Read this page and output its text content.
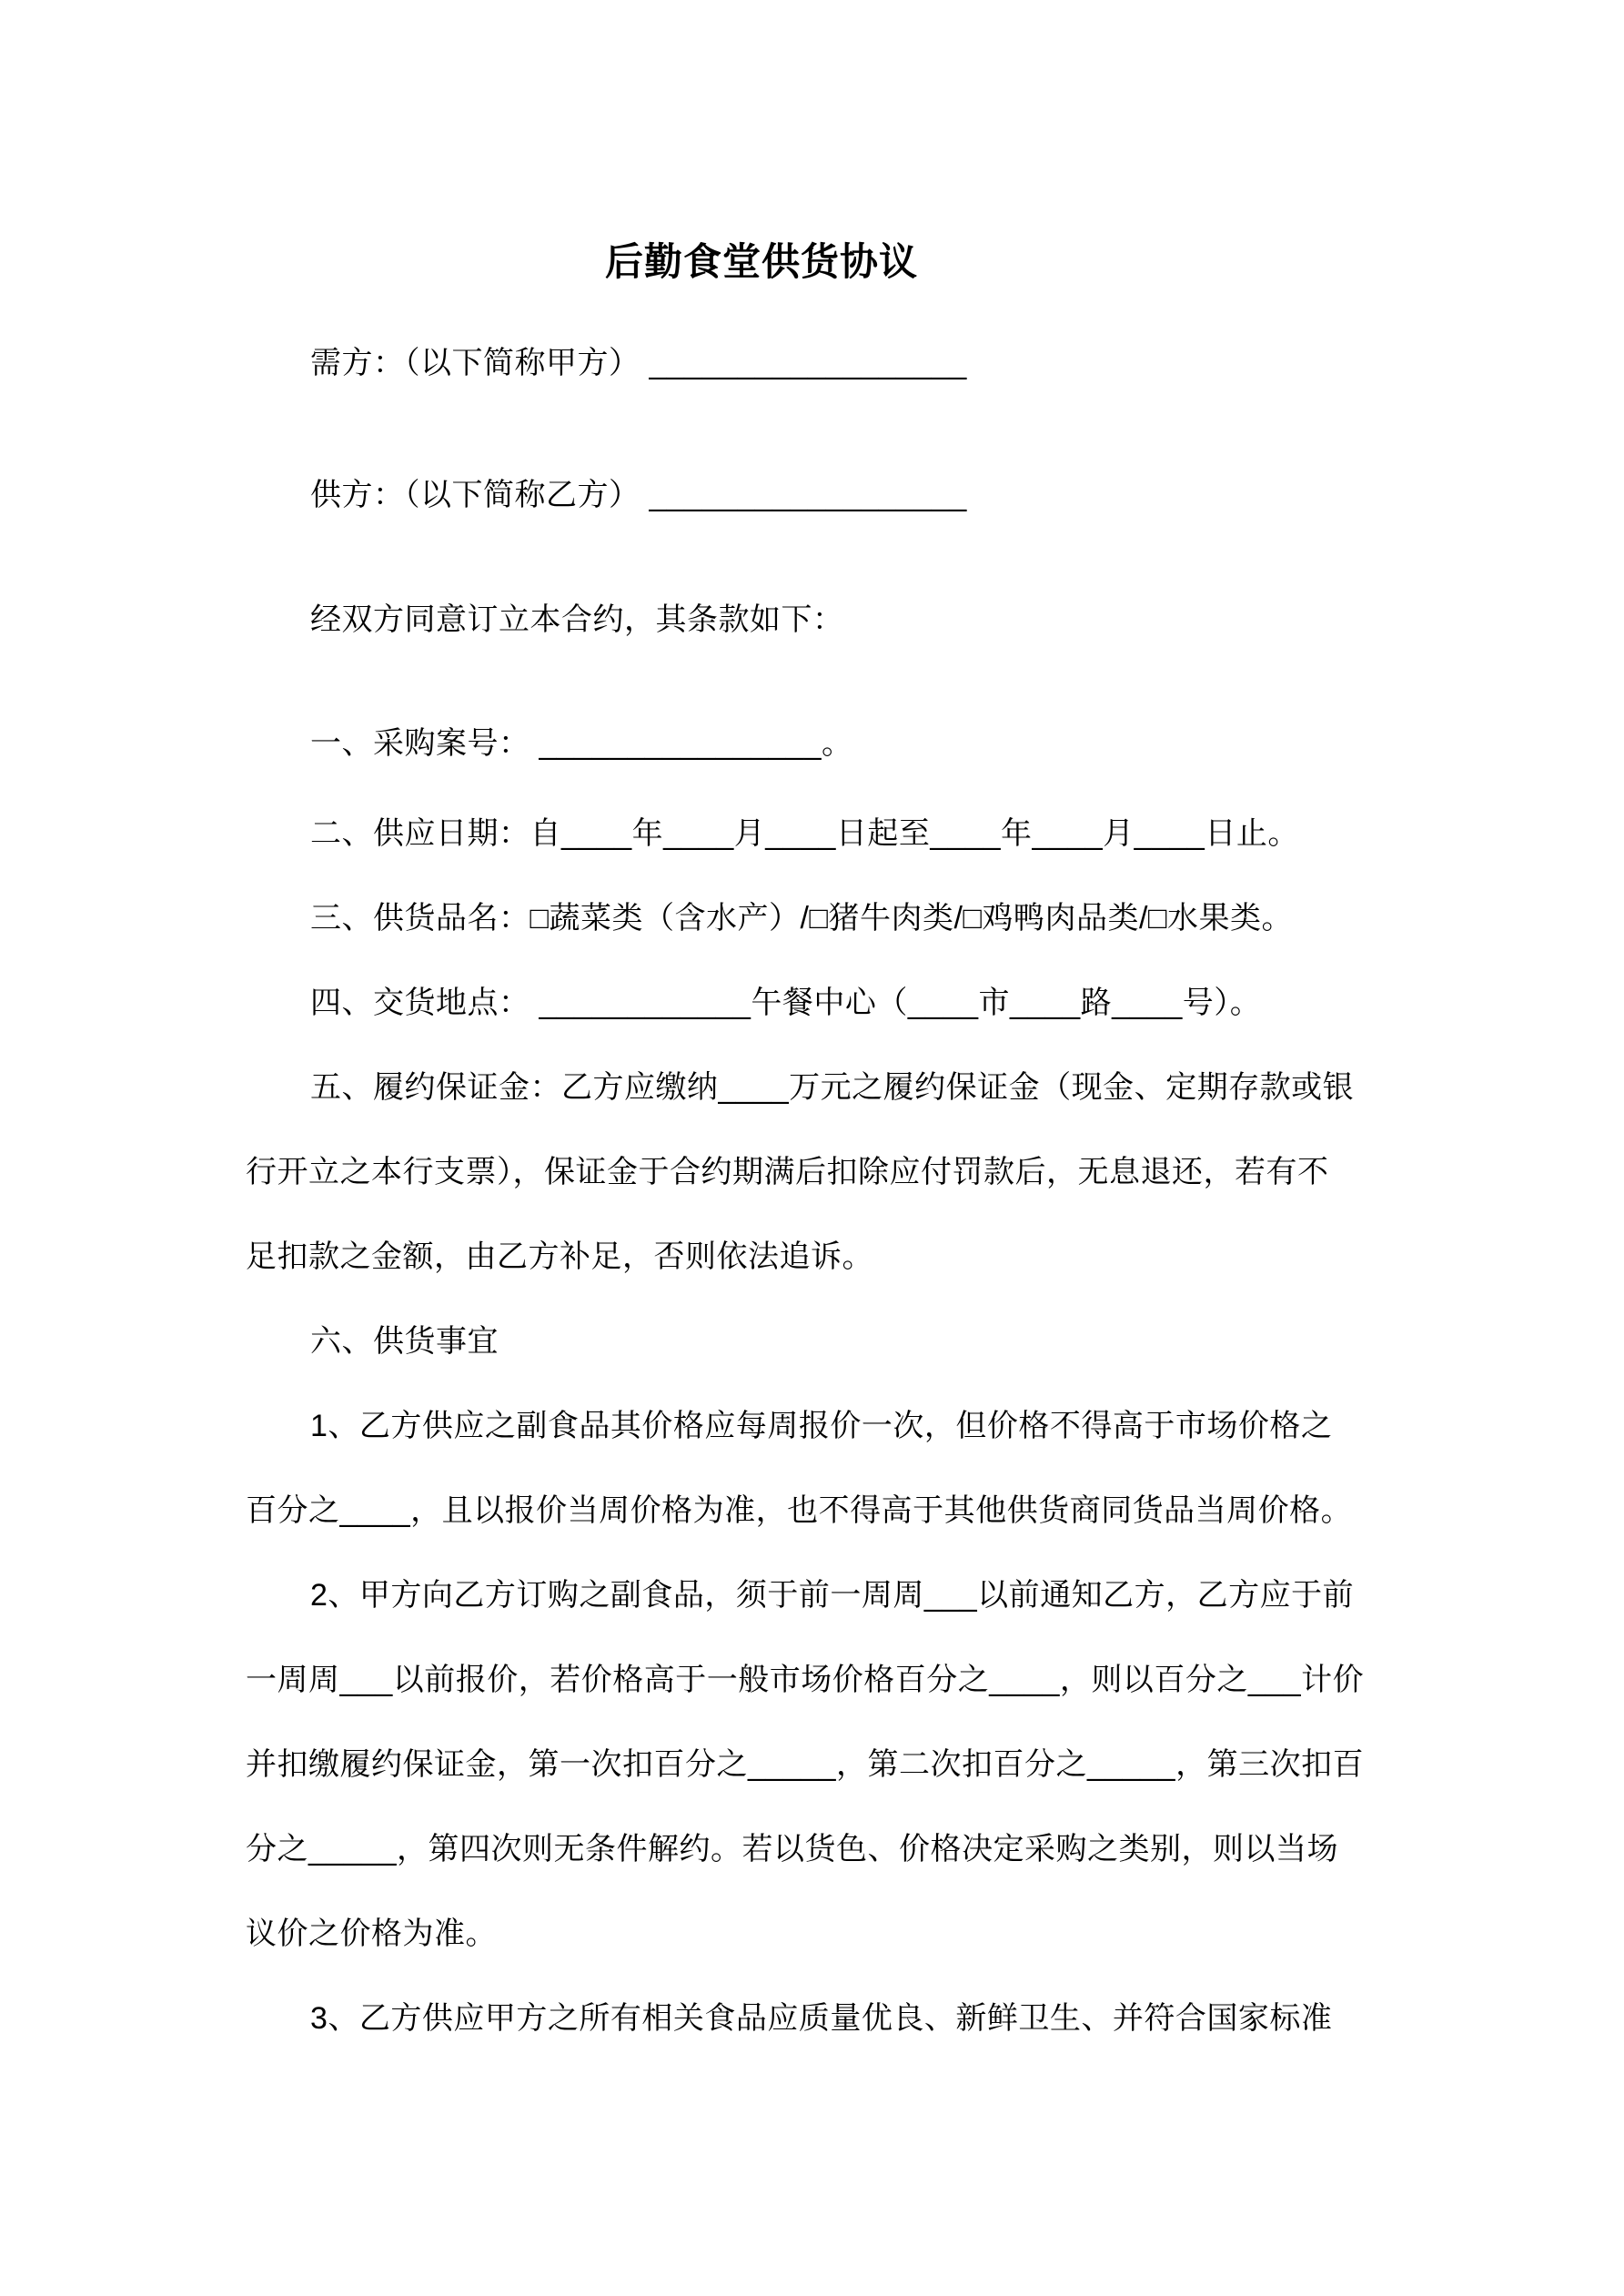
后勤食堂供货协议
需方：（以下简称甲方） __________________
供方：（以下简称乙方） __________________
经双方同意订立本合约，其条款如下：
一、采购案号： ________________。
二、供应日期：自____年____月____日起至____年____月____日止。
三、供货品名：□蔬菜类（含水产）/□猪牛肉类/□鸡鸭肉品类/□水果类。
四、交货地点： ____________午餐中心（____市____路____号）。
五、履约保证金：乙方应缴纳____万元之履约保证金（现金、定期存款或银
行开立之本行支票），保证金于合约期满后扣除应付罚款后，无息退还，若有不
足扣款之金额，由乙方补足，否则依法追诉。
六、供货事宜
1、乙方供应之副食品其价格应每周报价一次，但价格不得高于市场价格之
百分之____，且以报价当周价格为准，也不得高于其他供货商同货品当周价格。
2、甲方向乙方订购之副食品，须于前一周周___以前通知乙方，乙方应于前
一周周___以前报价，若价格高于一般市场价格百分之____，则以百分之___计价
并扣缴履约保证金，第一次扣百分之_____，第二次扣百分之_____，第三次扣百
分之_____，第四次则无条件解约。若以货色、价格决定采购之类别，则以当场
议价之价格为准。
3、乙方供应甲方之所有相关食品应质量优良、新鲜卫生、并符合国家标准
